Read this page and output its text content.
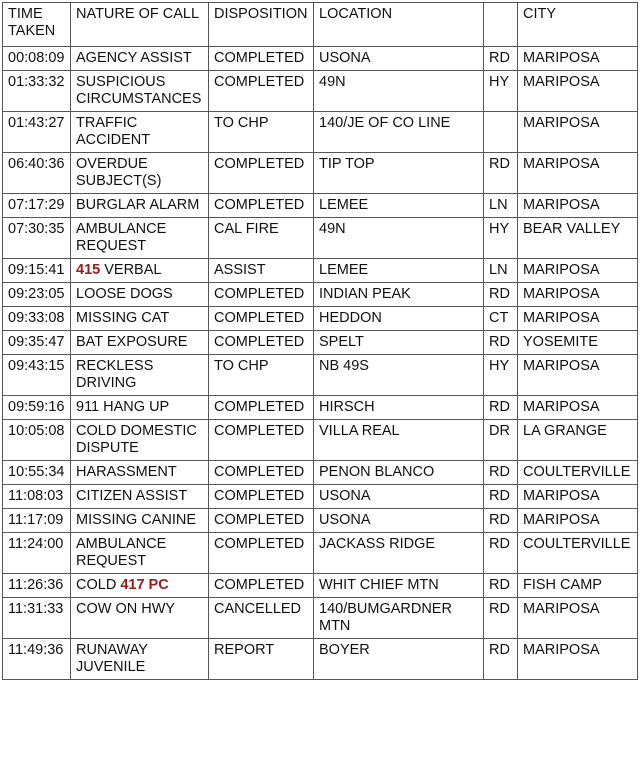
TIME TAKEN	NATURE OF CALL	DISPOSITION	LOCATION		CITY
00:08:09	AGENCY ASSIST	COMPLETED	USONA	RD	MARIPOSA
01:33:32	SUSPICIOUS CIRCUMSTANCES	COMPLETED	49N	HY	MARIPOSA
01:43:27	TRAFFIC ACCIDENT	TO CHP	140/JE OF CO LINE		MARIPOSA
06:40:36	OVERDUE SUBJECT(S)	COMPLETED	TIP TOP	RD	MARIPOSA
07:17:29	BURGLAR ALARM	COMPLETED	LEMEE	LN	MARIPOSA
07:30:35	AMBULANCE REQUEST	CAL FIRE	49N	HY	BEAR VALLEY
09:15:41	415 VERBAL	ASSIST	LEMEE	LN	MARIPOSA
09:23:05	LOOSE DOGS	COMPLETED	INDIAN PEAK	RD	MARIPOSA
09:33:08	MISSING CAT	COMPLETED	HEDDON	CT	MARIPOSA
09:35:47	BAT EXPOSURE	COMPLETED	SPELT	RD	YOSEMITE
09:43:15	RECKLESS DRIVING	TO CHP	NB 49S	HY	MARIPOSA
09:59:16	911 HANG UP	COMPLETED	HIRSCH	RD	MARIPOSA
10:05:08	COLD DOMESTIC DISPUTE	COMPLETED	VILLA REAL	DR	LA GRANGE
10:55:34	HARASSMENT	COMPLETED	PENON BLANCO	RD	COULTERVILLE
11:08:03	CITIZEN ASSIST	COMPLETED	USONA	RD	MARIPOSA
11:17:09	MISSING CANINE	COMPLETED	USONA	RD	MARIPOSA
11:24:00	AMBULANCE REQUEST	COMPLETED	JACKASS RIDGE	RD	COULTERVILLE
11:26:36	COLD 417 PC	COMPLETED	WHIT CHIEF MTN	RD	FISH CAMP
11:31:33	COW ON HWY	CANCELLED	140/BUMGARDNER MTN	RD	MARIPOSA
11:49:36	RUNAWAY JUVENILE	REPORT	BOYER	RD	MARIPOSA
